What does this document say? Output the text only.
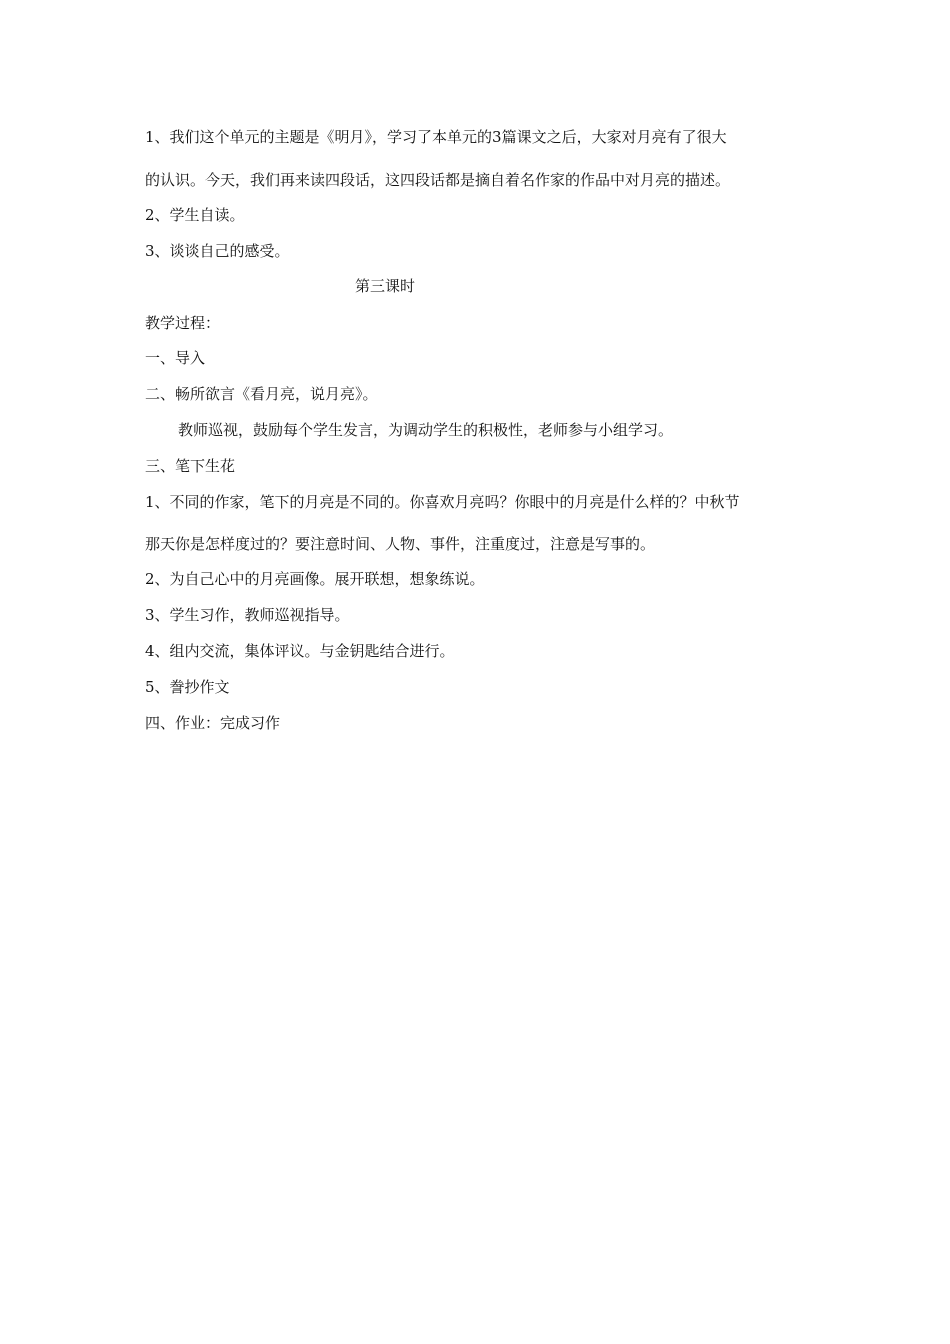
1、我们这个单元的主题是《明月》，学习了本单元的3篇课文之后，大家对月亮有了很大
的认识。今天，我们再来读四段话，这四段话都是摘自着名作家的作品中对月亮的描述。
2、学生自读。
3、谈谈自己的感受。
第三课时
教学过程：
一、导入
二、畅所欲言《看月亮，说月亮》。
教师巡视，鼓励每个学生发言，为调动学生的积极性，老师参与小组学习。
三、笔下生花
1、不同的作家，笔下的月亮是不同的。你喜欢月亮吗？你眼中的月亮是什么样的？中秋节
那天你是怎样度过的？要注意时间、人物、事件，注重度过，注意是写事的。
2、为自己心中的月亮画像。展开联想，想象练说。
3、学生习作，教师巡视指导。
4、组内交流，集体评议。与金钥匙结合进行。
5、誊抄作文
四、作业：完成习作
